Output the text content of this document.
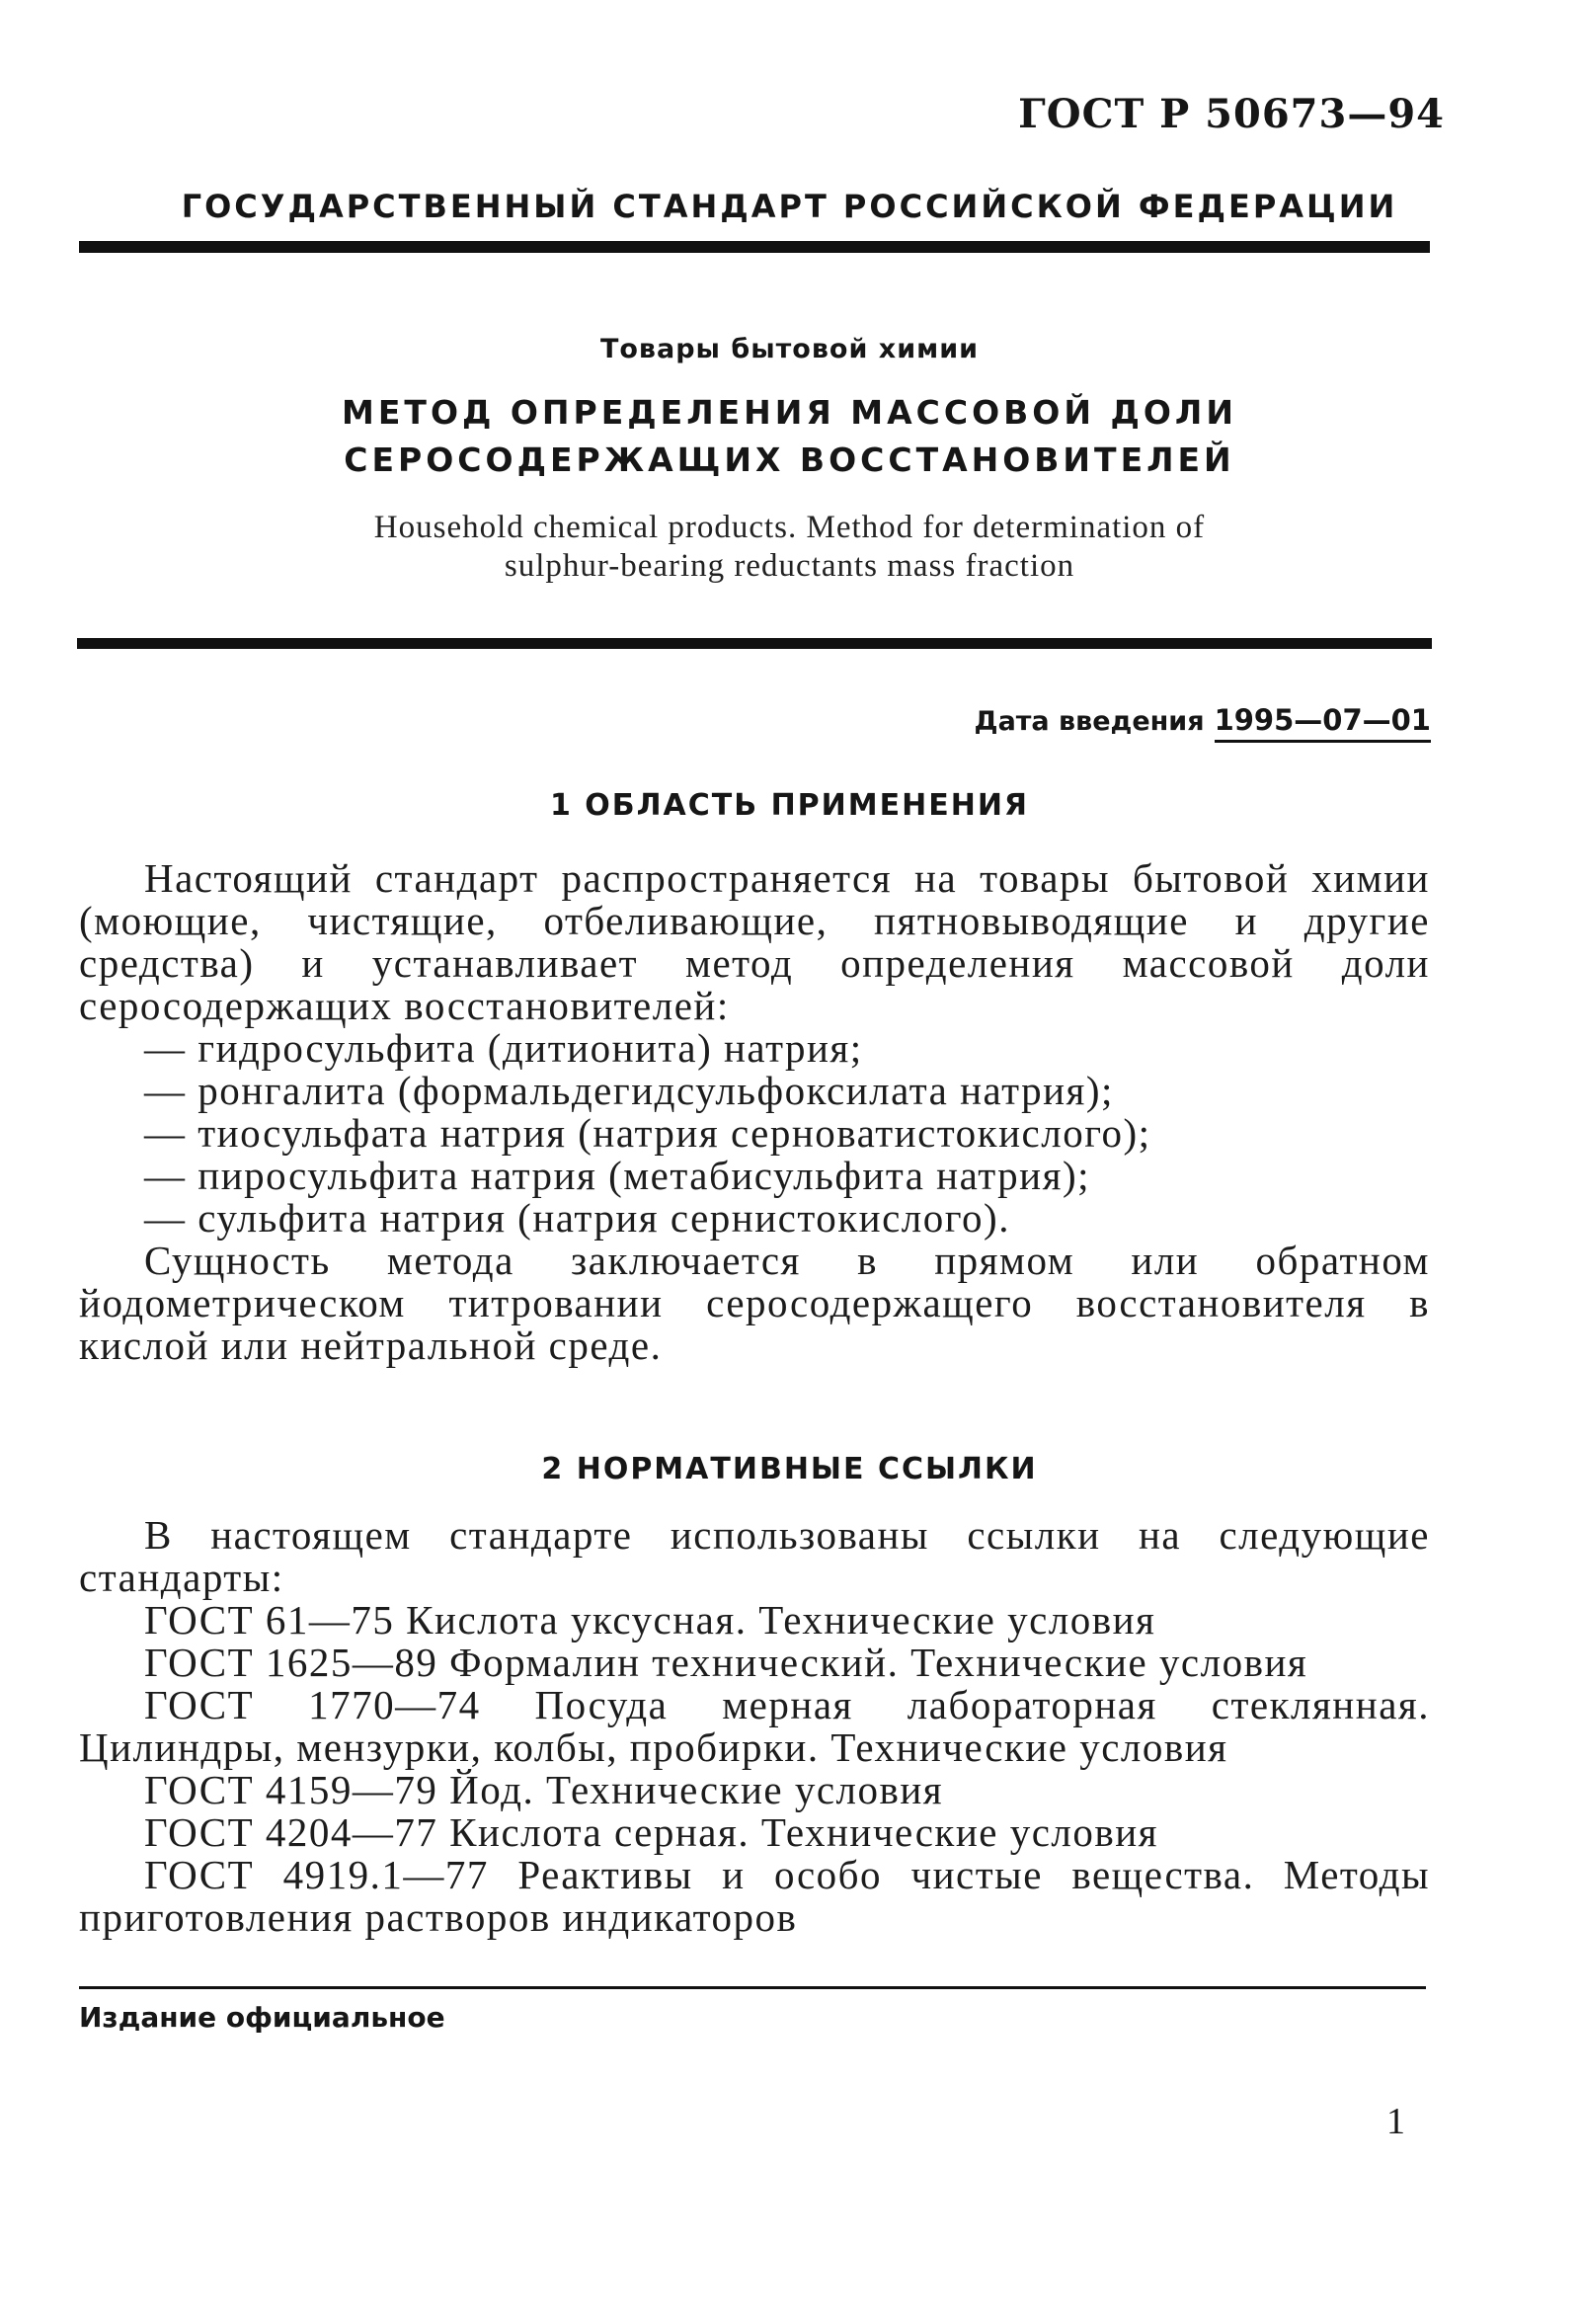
ГОСТ Р 50673—94
ГОСУДАРСТВЕННЫЙ СТАНДАРТ РОССИЙСКОЙ ФЕДЕРАЦИИ
Товары бытовой химии
МЕТОД ОПРЕДЕЛЕНИЯ МАССОВОЙ ДОЛИ
СЕРОСОДЕРЖАЩИХ ВОССТАНОВИТЕЛЕЙ
Household chemical products. Method for determination of
sulphur-bearing reductants mass fraction
Дата введения 1995—07—01
1 ОБЛАСТЬ ПРИМЕНЕНИЯ

Настоящий стандарт распространяется на товары бытовой химии (моющие, чистящие, отбеливающие, пятновыводящие и другие средства) и устанавливает метод определения массовой доли серосодержащих восстановителей:

— гидросульфита (дитионита) натрия;

— ронгалита (формальдегидсульфоксилата натрия);

— тиосульфата натрия (натрия серноватистокислого);

— пиросульфита натрия (метабисульфита натрия);

— сульфита натрия (натрия сернистокислого).

Сущность метода заключается в прямом или обратном йодометрическом титровании серосодержащего восстановителя в кислой или нейтральной среде.

2 НОРМАТИВНЫЕ ССЫЛКИ

В настоящем стандарте использованы ссылки на следующие стандарты:

ГОСТ 61—75 Кислота уксусная. Технические условия

ГОСТ 1625—89 Формалин технический. Технические условия

ГОСТ 1770—74 Посуда мерная лабораторная стеклянная. Цилиндры, мензурки, колбы, пробирки. Технические условия

ГОСТ 4159—79 Йод. Технические условия

ГОСТ 4204—77 Кислота серная. Технические условия

ГОСТ 4919.1—77 Реактивы и особо чистые вещества. Методы приготовления растворов индикаторов

Издание официальное
1
